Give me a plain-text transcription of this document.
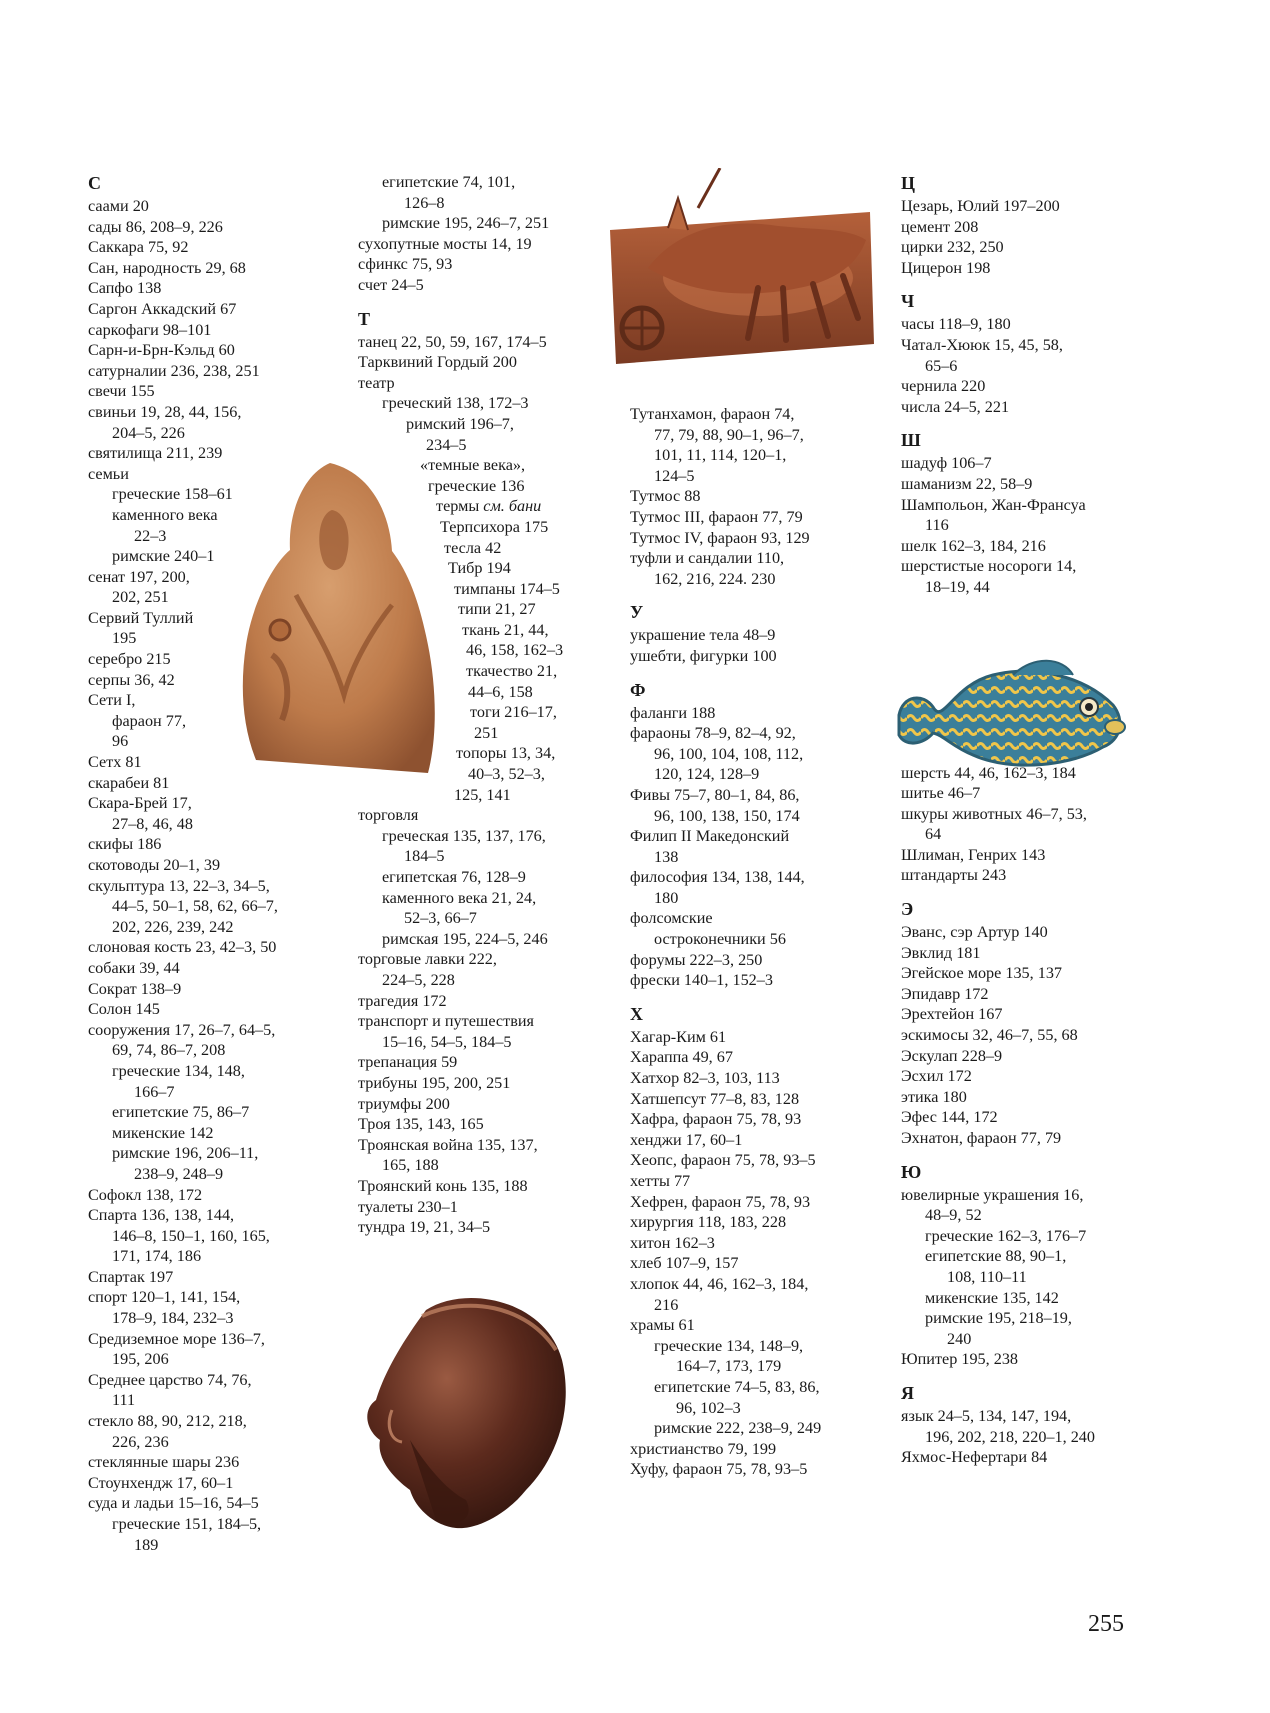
С
саами 20
сады 86, 208–9, 226
Саккара 75, 92
Сан, народность 29, 68
Сапфо 138
Саргон Аккадский 67
саркофаги 98–101
Сарн-и-Брн-Кэльд 60
сатурналии 236, 238, 251
свечи 155
свиньи 19, 28, 44, 156,
204–5, 226
святилища 211, 239
семьи
греческие 158–61
каменного века
22–3
римские 240–1
сенат 197, 200,
202, 251
Сервий Туллий
195
серебро 215
серпы 36, 42
Сети I,
фараон 77,
96
Сетх 81
скарабеи 81
Скара-Брей 17,
27–8, 46, 48
скифы 186
скотоводы 20–1, 39
скульптура 13, 22–3, 34–5,
44–5, 50–1, 58, 62, 66–7,
202, 226, 239, 242
слоновая кость 23, 42–3, 50
собаки 39, 44
Сократ 138–9
Солон 145
сооружения 17, 26–7, 64–5,
69, 74, 86–7, 208
греческие 134, 148,
166–7
египетские 75, 86–7
микенские 142
римские 196, 206–11,
238–9, 248–9
Софокл 138, 172
Спарта 136, 138, 144,
146–8, 150–1, 160, 165,
171, 174, 186
Спартак 197
спорт 120–1, 141, 154,
178–9, 184, 232–3
Средиземное море 136–7,
195, 206
Среднее царство 74, 76,
111
стекло 88, 90, 212, 218,
226, 236
стеклянные шары 236
Стоунхендж 17, 60–1
суда и ладьи 15–16, 54–5
греческие 151, 184–5,
189
египетские 74, 101,
126–8
римские 195, 246–7, 251
сухопутные мосты 14, 19
сфинкс 75, 93
счет 24–5
Т
танец 22, 50, 59, 167, 174–5
Тарквиний Гордый 200
театр
греческий 138, 172–3
римский 196–7,
234–5
«темные века»,
греческие 136
термы см. бани
Терпсихора 175
тесла 42
Тибр 194
тимпаны 174–5
типи 21, 27
ткань 21, 44,
46, 158, 162–3
ткачество 21,
44–6, 158
тоги 216–17,
251
топоры 13, 34,
40–3, 52–3,
125, 141
торговля
греческая 135, 137, 176,
184–5
египетская 76, 128–9
каменного века 21, 24,
52–3, 66–7
римская 195, 224–5, 246
торговые лавки 222,
224–5, 228
трагедия 172
транспорт и путешествия
15–16, 54–5, 184–5
трепанация 59
трибуны 195, 200, 251
триумфы 200
Троя 135, 143, 165
Троянская война 135, 137,
165, 188
Троянский конь 135, 188
туалеты 230–1
тундра 19, 21, 34–5
Тутанхамон, фараон 74,
77, 79, 88, 90–1, 96–7,
101, 11, 114, 120–1,
124–5
Тутмос 88
Тутмос III, фараон 77, 79
Тутмос IV, фараон 93, 129
туфли и сандалии 110,
162, 216, 224. 230
У
украшение тела 48–9
ушебти, фигурки 100
Ф
фаланги 188
фараоны 78–9, 82–4, 92,
96, 100, 104, 108, 112,
120, 124, 128–9
Фивы 75–7, 80–1, 84, 86,
96, 100, 138, 150, 174
Филип II Македонский
138
философия 134, 138, 144,
180
фолсомские
остроконечники 56
форумы 222–3, 250
фрески 140–1, 152–3
Х
Хагар-Ким 61
Хараппа 49, 67
Хатхор 82–3, 103, 113
Хатшепсут 77–8, 83, 128
Хафра, фараон 75, 78, 93
хенджи 17, 60–1
Хеопс, фараон 75, 78, 93–5
хетты 77
Хефрен, фараон 75, 78, 93
хирургия 118, 183, 228
хитон 162–3
хлеб 107–9, 157
хлопок 44, 46, 162–3, 184,
216
храмы 61
греческие 134, 148–9,
164–7, 173, 179
египетские 74–5, 83, 86,
96, 102–3
римские 222, 238–9, 249
христианство 79, 199
Хуфу, фараон 75, 78, 93–5
Ц
Цезарь, Юлий 197–200
цемент 208
цирки 232, 250
Цицерон 198
Ч
часы 118–9, 180
Чатал-Хююк 15, 45, 58,
65–6
чернила 220
числа 24–5, 221
Ш
шадуф 106–7
шаманизм 22, 58–9
Шампольон, Жан-Франсуа
116
шелк 162–3, 184, 216
шерстистые носороги 14,
18–19, 44
шерсть 44, 46, 162–3, 184
шитье 46–7
шкуры животных 46–7, 53,
64
Шлиман, Генрих 143
штандарты 243
Э
Эванс, сэр Артур 140
Эвклид 181
Эгейское море 135, 137
Эпидавр 172
Эрехтейон 167
эскимосы 32, 46–7, 55, 68
Эскулап 228–9
Эсхил 172
этика 180
Эфес 144, 172
Эхнатон, фараон 77, 79
Ю
ювелирные украшения 16,
48–9, 52
греческие 162–3, 176–7
египетские 88, 90–1,
108, 110–11
микенские 135, 142
римские 195, 218–19,
240
Юпитер 195, 238
Я
язык 24–5, 134, 147, 194,
196, 202, 218, 220–1, 240
Яхмос-Нефертари 84
255
